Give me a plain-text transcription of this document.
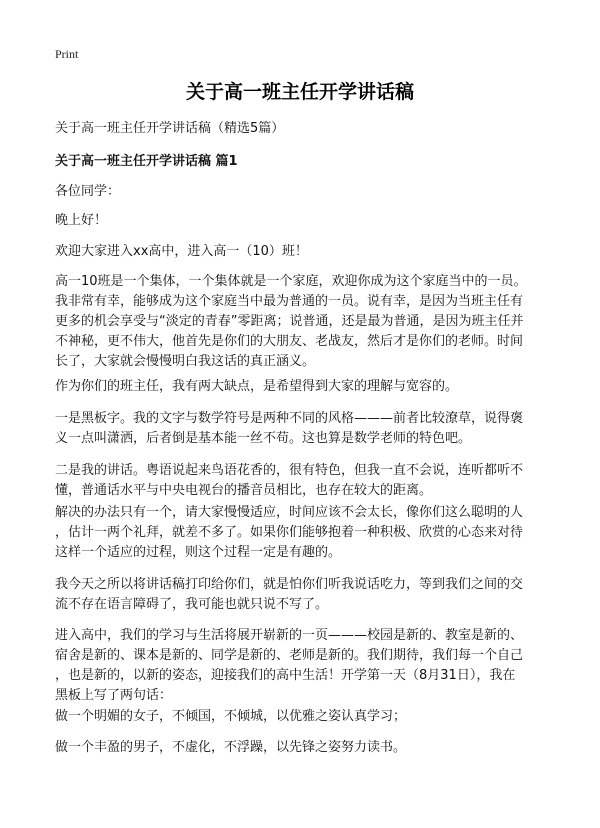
Print
关于高一班主任开学讲话稿
关于高一班主任开学讲话稿（精选5篇）
关于高一班主任开学讲话稿 篇1
各位同学：
晚上好！
欢迎大家进入xx高中，进入高一（10）班！
高一10班是一个集体，一个集体就是一个家庭，欢迎你成为这个家庭当中的一员。
我非常有幸，能够成为这个家庭当中最为普通的一员。说有幸，是因为当班主任有
更多的机会享受与“淡定的青春”零距离；说普通，还是最为普通，是因为班主任并
不神秘，更不伟大，他首先是你们的大朋友、老战友，然后才是你们的老师。时间
长了，大家就会慢慢明白我这话的真正涵义。
作为你们的班主任，我有两大缺点，是希望得到大家的理解与宽容的。
一是黑板字。我的文字与数学符号是两种不同的风格———前者比较潦草，说得褒
义一点叫潇洒，后者倒是基本能一丝不苟。这也算是数学老师的特色吧。
二是我的讲话。粤语说起来鸟语花香的，很有特色，但我一直不会说，连听都听不
懂，普通话水平与中央电视台的播音员相比，也存在较大的距离。
解决的办法只有一个，请大家慢慢适应，时间应该不会太长，像你们这么聪明的人
，估计一两个礼拜，就差不多了。如果你们能够抱着一种积极、欣赏的心态来对待
这样一个适应的过程，则这个过程一定是有趣的。
我今天之所以将讲话稿打印给你们，就是怕你们听我说话吃力，等到我们之间的交
流不存在语言障碍了，我可能也就只说不写了。
进入高中，我们的学习与生活将展开崭新的一页———校园是新的、教室是新的、
宿舍是新的、课本是新的、同学是新的、老师是新的。我们期待，我们每一个自己
，也是新的，以新的姿态，迎接我们的高中生活！开学第一天（8月31日），我在
黑板上写了两句话：
做一个明媚的女子，不倾国，不倾城，以优雅之姿认真学习；
做一个丰盈的男子，不虚化，不浮躁，以先锋之姿努力读书。
